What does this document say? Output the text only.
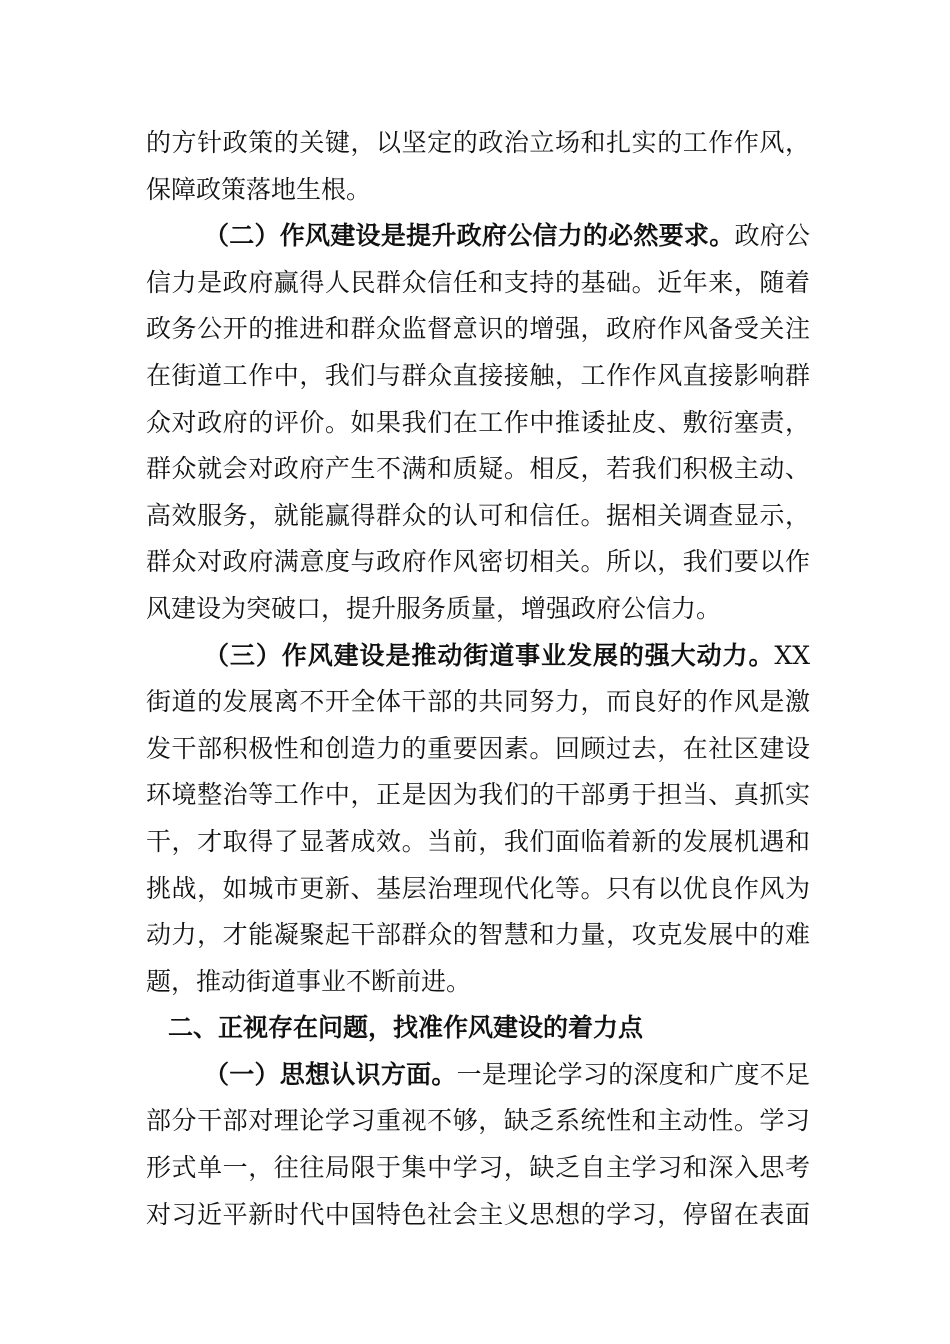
的方针政策的关键，以坚定的政治立场和扎实的工作作风，
保障政策落地生根。
（二）作风建设是提升政府公信力的必然要求。政府公
信力是政府赢得人民群众信任和支持的基础。近年来，随着
政务公开的推进和群众监督意识的增强，政府作风备受关注
在街道工作中，我们与群众直接接触，工作作风直接影响群
众对政府的评价。如果我们在工作中推诿扯皮、敷衍塞责，
群众就会对政府产生不满和质疑。相反，若我们积极主动、
高效服务，就能赢得群众的认可和信任。据相关调查显示，
群众对政府满意度与政府作风密切相关。所以，我们要以作
风建设为突破口，提升服务质量，增强政府公信力。
（三）作风建设是推动街道事业发展的强大动力。XX
街道的发展离不开全体干部的共同努力，而良好的作风是激
发干部积极性和创造力的重要因素。回顾过去，在社区建设
环境整治等工作中，正是因为我们的干部勇于担当、真抓实
干，才取得了显著成效。当前，我们面临着新的发展机遇和
挑战，如城市更新、基层治理现代化等。只有以优良作风为
动力，才能凝聚起干部群众的智慧和力量，攻克发展中的难
题，推动街道事业不断前进。
二、正视存在问题，找准作风建设的着力点
（一）思想认识方面。一是理论学习的深度和广度不足
部分干部对理论学习重视不够，缺乏系统性和主动性。学习
形式单一，往往局限于集中学习，缺乏自主学习和深入思考
对习近平新时代中国特色社会主义思想的学习，停留在表面
